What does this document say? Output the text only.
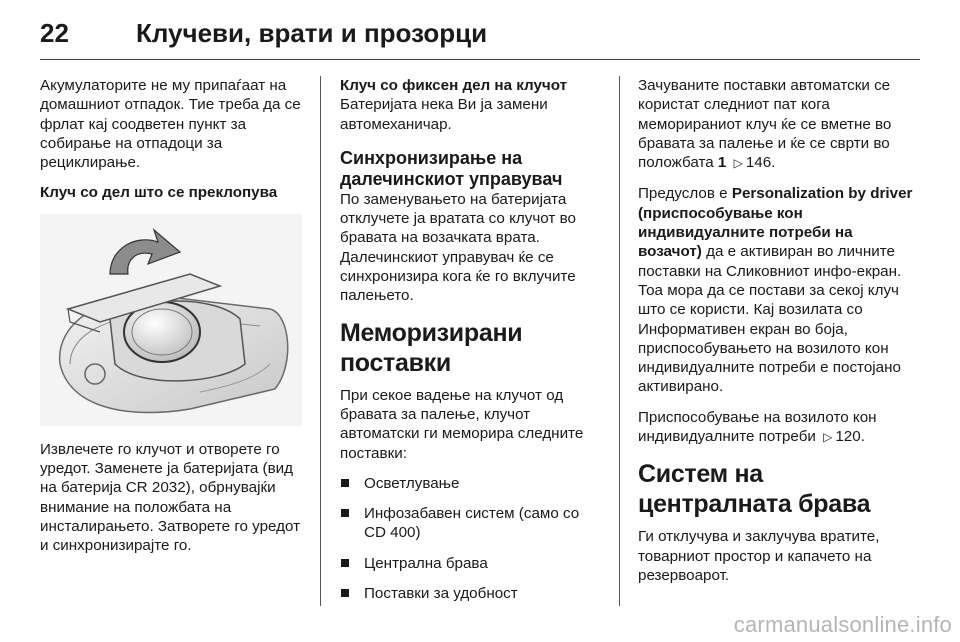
22	Клучеви, врати и прозорци

Акумулаторите не му припаѓаат на домашниот отпадок. Тие треба да се фрлат кај соодветен пункт за собирање на отпадоци за рециклирање.

Клуч со дел што се преклопува

Извлечете го клучот и отворете го уредот. Заменете ја батеријата (вид на батерија CR 2032), обрнувајќи внимание на положбата на инсталирањето. Затворете го уредот и синхронизирајте го.

Клуч со фиксен дел на клучот

Батеријата нека Ви ја замени автомеханичар.

Синхронизирање на далечинскиот управувач

По заменувањето на батеријата отклучете ја вратата со клучот во бравата на возачката врата. Далечинскиот управувач ќе се синхронизира кога ќе го вклучите палењето.

Меморизирани поставки

При секое вадење на клучот од бравата за палење, клучот автоматски ги меморира следните поставки:

Осветлување
Инфозабавен систем (само со CD 400)
Централна брава
Поставки за удобност

Зачуваните поставки автоматски се користат следниот пат кога меморираниот клуч ќе се вметне во бравата за палење и ќе се сврти во положбата 1 ▷ 146.

Предуслов е Personalization by driver (приспособување кон индивидуалните потреби на возачот) да е активиран во личните поставки на Сликовниот инфо-екран. Тоа мора да се постави за секој клуч што се користи. Кај возилата со Информативен екран во боја, приспособувањето на возилото кон индивидуалните потреби е постојано активирано.

Приспособување на возилото кон индивидуалните потреби ▷ 120.

Систем на централната брава

Ги отклучува и заклучува вратите, товарниот простор и капачето на резервоарот.

carmanualsonline.info
